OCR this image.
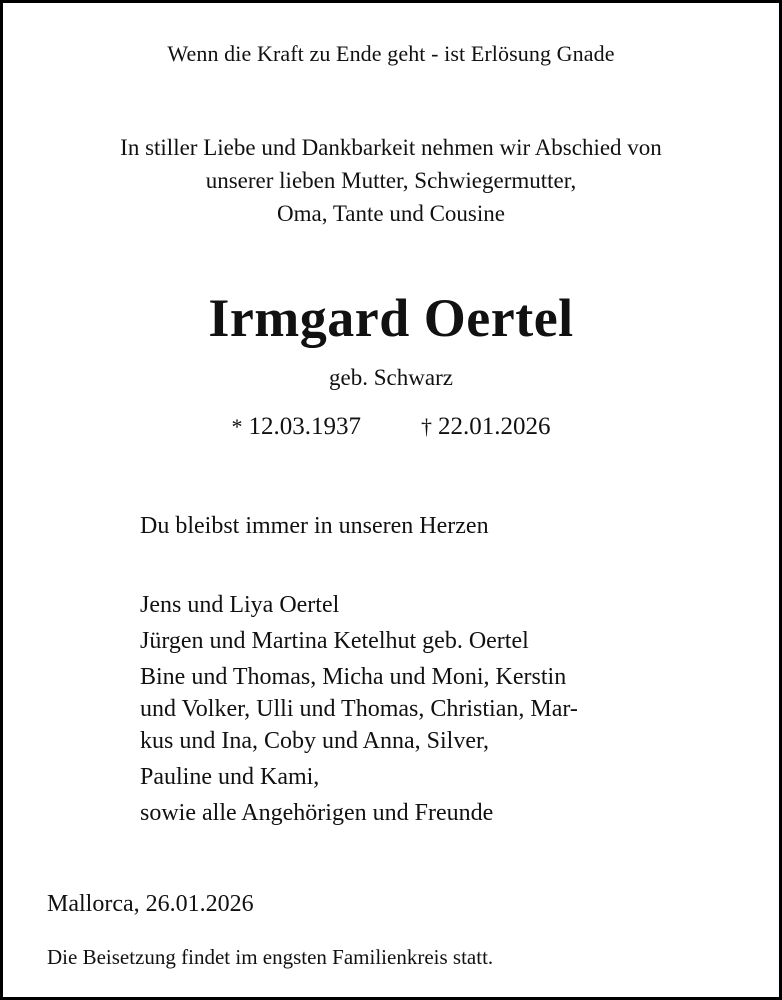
Wenn die Kraft zu Ende geht - ist Erlösung Gnade
In stiller Liebe und Dankbarkeit nehmen wir Abschied von
unserer lieben Mutter, Schwiegermutter,
Oma, Tante und Cousine
Irmgard Oertel
geb. Schwarz
* 12.03.1937	† 22.01.2026
Du bleibst immer in unseren Herzen
Jens und Liya Oertel
Jürgen und Martina Ketelhut geb. Oertel
Bine und Thomas, Micha und Moni, Kerstin
und Volker, Ulli und Thomas, Christian, Mar-
kus und Ina, Coby und Anna, Silver,
Pauline und Kami,
sowie alle Angehörigen und Freunde
Mallorca, 26.01.2026
Die Beisetzung findet im engsten Familienkreis statt.
